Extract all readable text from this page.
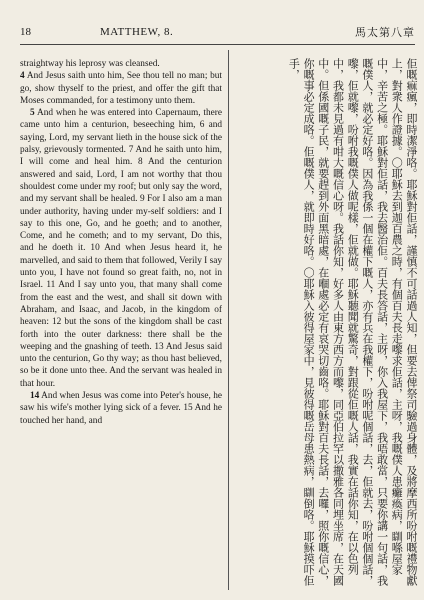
18	MATTHEW, 8.	馬太第八章

straightway his leprosy was cleansed.

4 And Jesus saith unto him, See thou tell no man; but go, show thyself to the priest, and offer the gift that Moses commanded, for a testimony unto them.

5 And when he was entered into Capernaum, there came unto him a centurion, beseeching him, 6 and saying, Lord, my servant lieth in the house sick of the palsy, grievously tormented. 7 And he saith unto him, I will come and heal him. 8 And the centurion answered and said, Lord, I am not worthy that thou shouldest come under my roof; but only say the word, and my servant shall be healed. 9 For I also am a man under authority, having under my-self soldiers: and I say to this one, Go, and he goeth; and to another, Come, and he cometh; and to my servant, Do this, and he doeth it. 10 And when Jesus heard it, he marvelled, and said to them that followed, Verily I say unto you, I have not found so great faith, no, not in Israel. 11 And I say unto you, that many shall come from the east and the west, and shall sit down with Abraham, and Isaac, and Jacob, in the kingdom of heaven: 12 but the sons of the kingdom shall be cast forth into the outer darkness: there shall be the weeping and the gnashing of teeth. 13 And Jesus said unto the centurion, Go thy way; as thou hast believed, so be it done unto thee. And the servant was healed in that hour.

14 And when Jesus was come into Peter's house, he saw his wife's mother lying sick of a fever. 15 And he touched her hand, and	佢嘅痲瘋，即時潔淨咯。耶穌對佢話，謹慎不可話過人知，但要去俾祭司驗過身體，及將摩西所吩咐嘅禮物獻上，對衆人作證據。〇耶穌去到迦百農之時，有個百夫長走嚟求佢話，主呀，我嘅僕人患癱瘓病，瞓喺屋家中，辛苦之極。耶穌對佢話，我去醫治佢。百夫長答話，主呀，你入我屋下，我唔敢當，只要你講一句話，我嘅僕人，就必定好咯。因為我係一個在權下嘅人，亦有兵在我權下，吩咐呢個話，去，佢就去，吩咐個個話，嚟，佢就嚟，吩咐我嘅僕人做呢樣，佢就做。耶穌聽聞就驚奇，對跟從佢嘅人話，我實在話你知，在以色列中，我都未見過有咁大嘅信心呀。我話你知，好多人由東方西方而嚟，同亞伯拉罕以撒雅各同埋坐席，在天國中。但係國嘅子民，就要趕到外面黑暗處，在嗰處必定有哀哭切齒咯。耶穌對百夫長話，去囉，照你嘅信心，你嘅事必定成咯。佢嘅僕人，就即時好咯。〇耶穌入彼得屋家中，見彼得嘅岳母患熱病，瞓倒咯。耶穌摸吓佢手，
